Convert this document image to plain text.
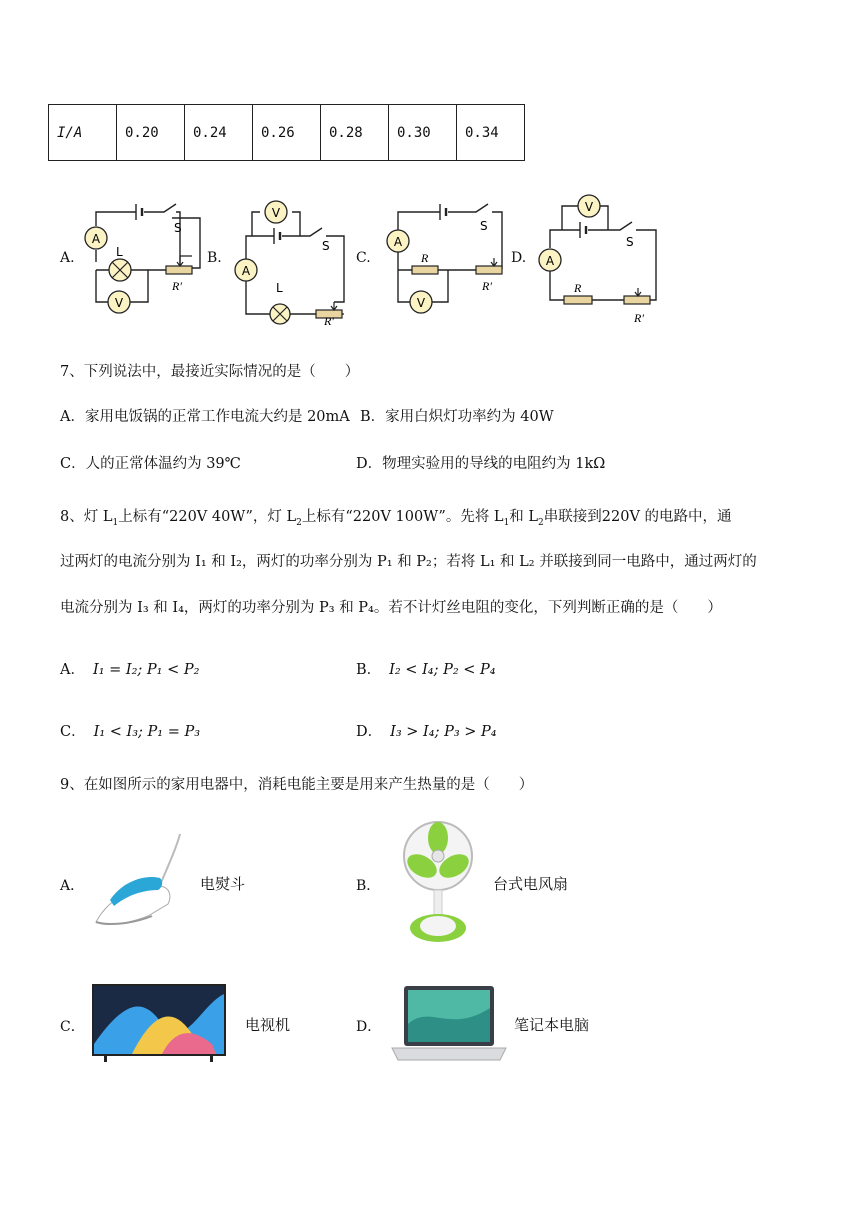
I/A	0.20	0.24	0.26	0.28	0.30	0.34
A.	B.	C.	D.
A
L
V
S
R′
V
A
L
S
R′
A
R
V
S
R′
V
A
R
S
R′
7、下列说法中，最接近实际情况的是（　　）
A．家用电饭锅的正常工作电流大约是 20mA B．家用白炽灯功率约为 40W
C．人的正常体温约为 39℃	D．物理实验用的导线的电阻约为 1kΩ
8、灯 $L_1$上标有“220V 40W”，灯 $L_2$上标有“220V 100W”。先将 $L_1$和 $L_2$串联接到220V 的电路中，通
过两灯的电流分别为 I₁ 和 I₂，两灯的功率分别为 P₁ 和 P₂；若将 L₁ 和 L₂ 并联接到同一电路中，通过两灯的
电流分别为 I₃ 和 I₄，两灯的功率分别为 P₃ 和 P₄。若不计灯丝电阻的变化，下列判断正确的是（　　）
A． I₁ = I₂; P₁ < P₂	B． I₂ < I₄; P₂ < P₄
C． I₁ < I₃; P₁ = P₃	D． I₃ > I₄; P₃ > P₄
9、在如图所示的家用电器中，消耗电能主要是用来产生热量的是（　　）
A．	电熨斗	B．	台式电风扇
C．	电视机	D．	笔记本电脑
